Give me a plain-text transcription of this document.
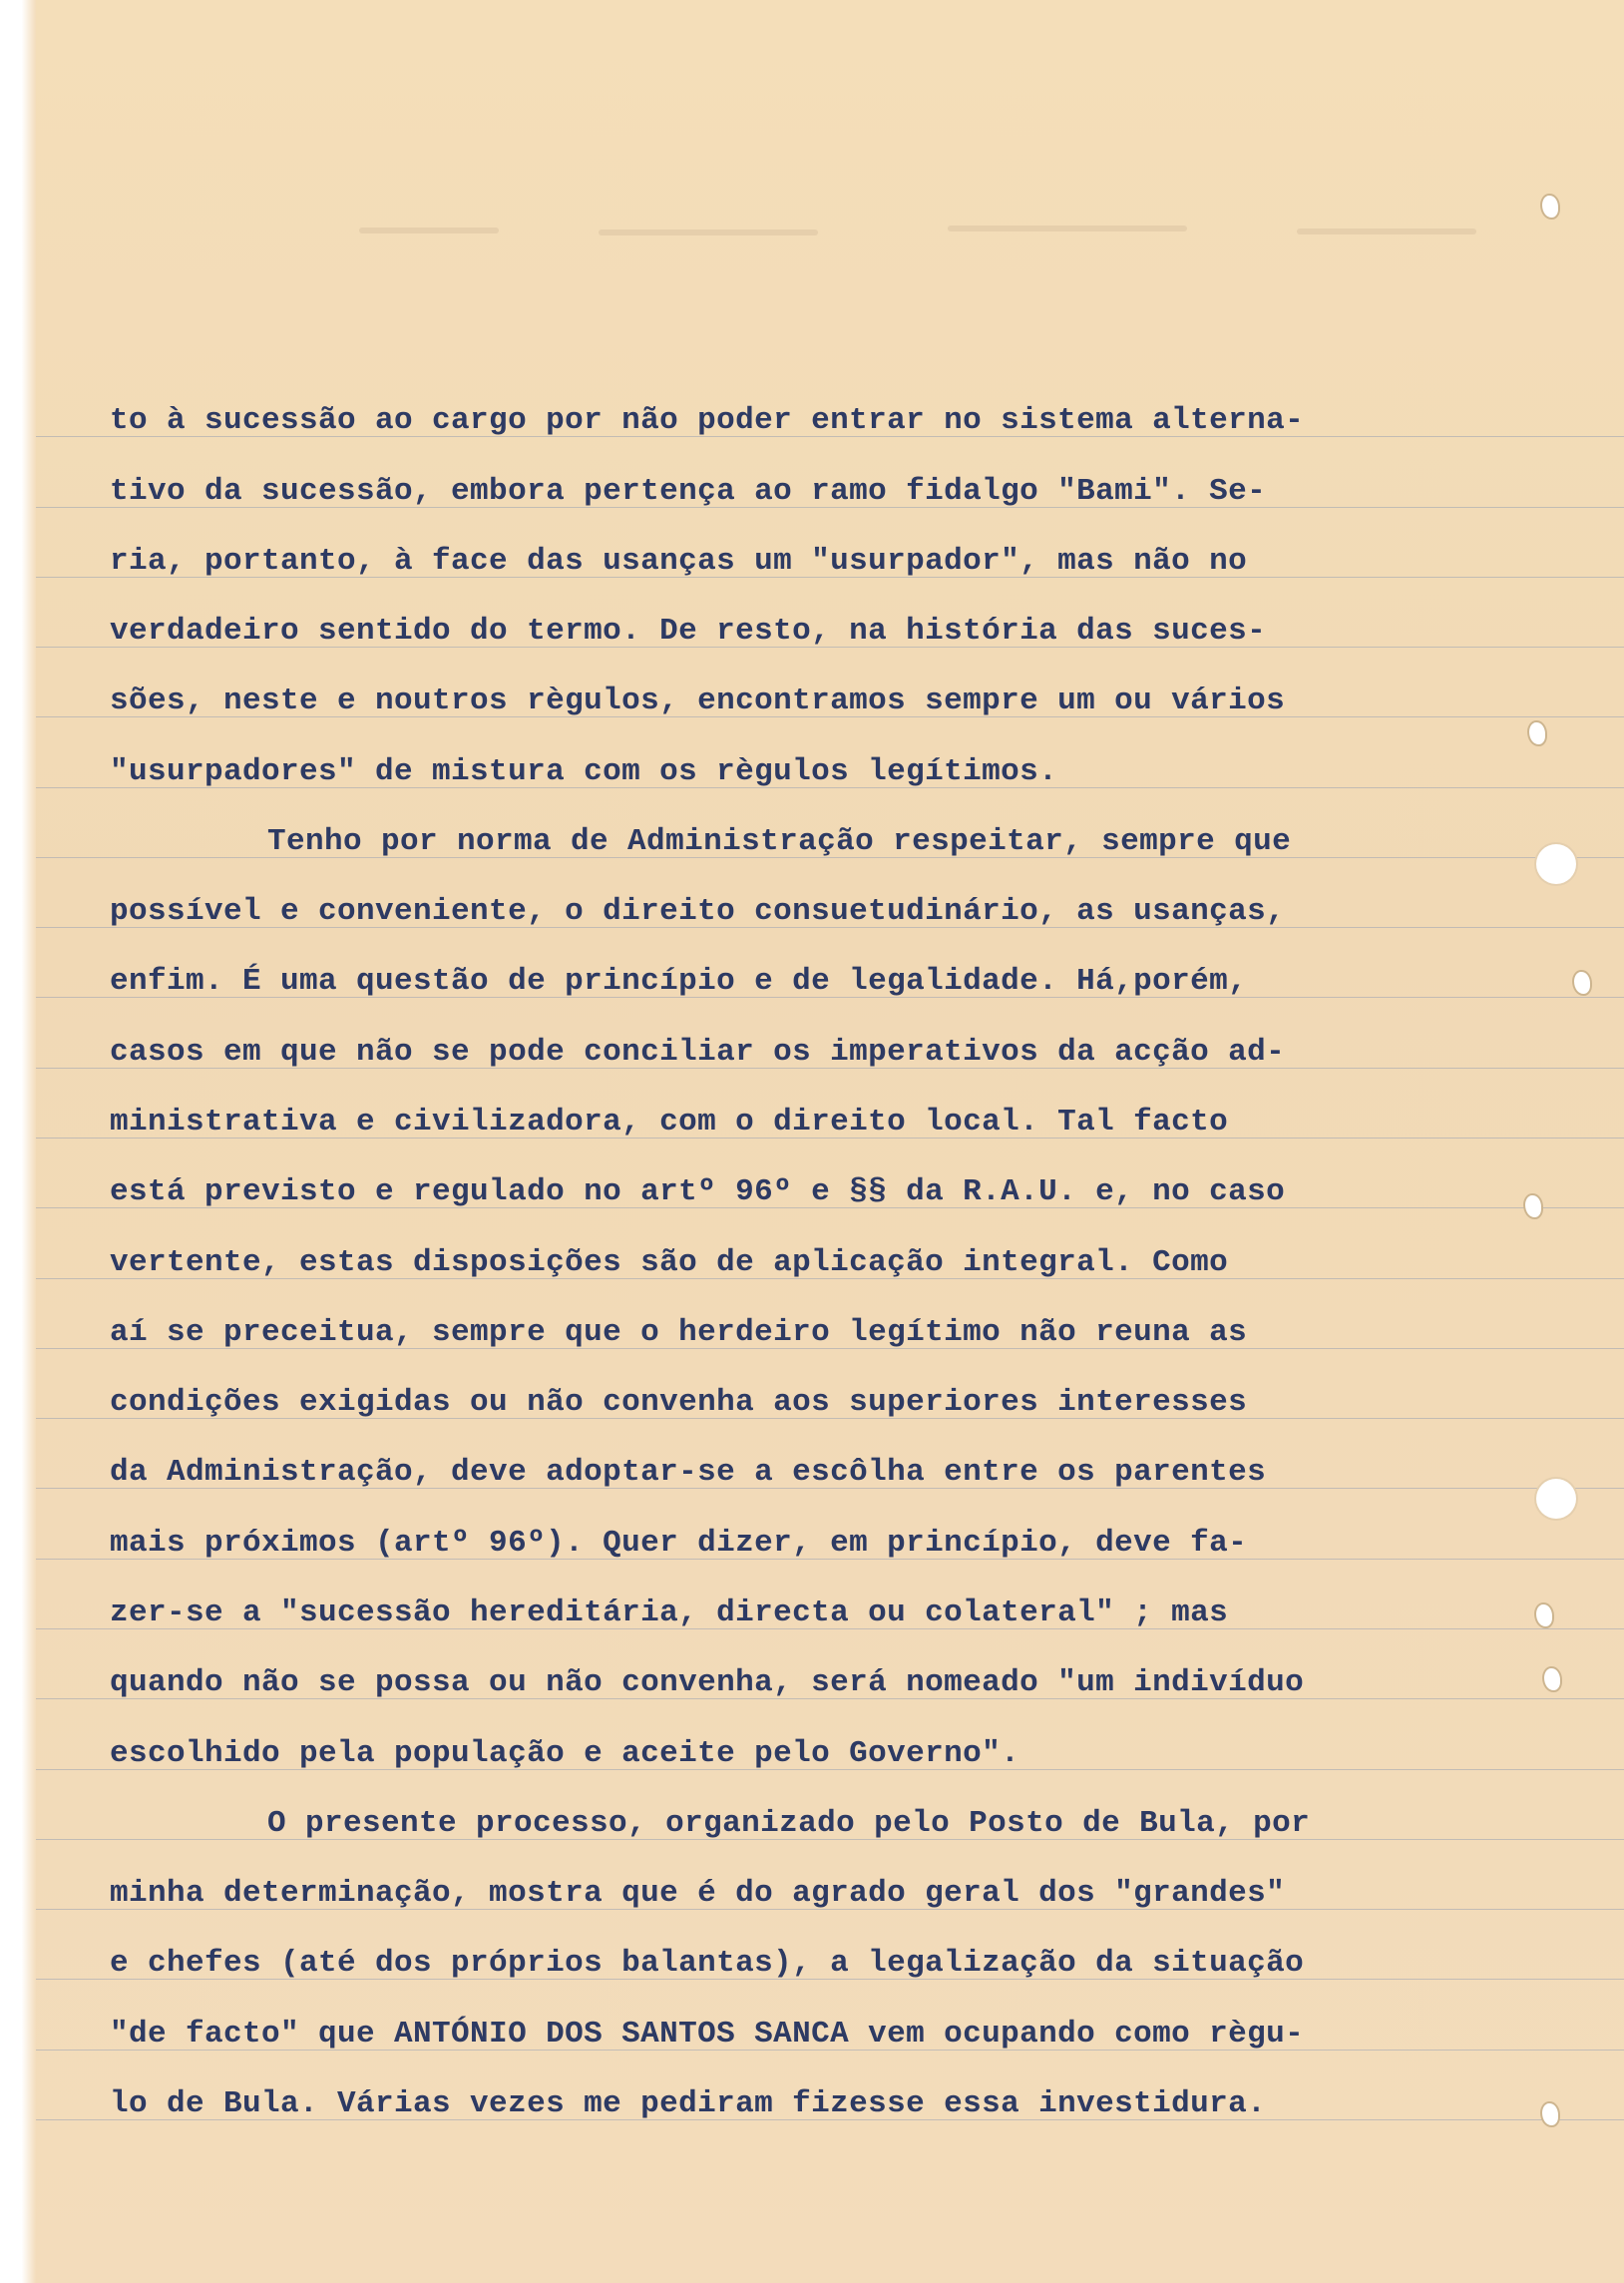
to à sucessão ao cargo por não poder entrar no sistema alterna-
tivo da sucessão, embora pertença ao ramo fidalgo "Bami". Se-
ria, portanto, à face das usanças um "usurpador", mas não no
verdadeiro sentido do termo. De resto, na história das suces-
sões, neste e noutros règulos, encontramos sempre um ou vários
"usurpadores" de mistura com os règulos legítimos.
Tenho por norma de Administração respeitar, sempre que
possível e conveniente, o direito consuetudinário, as usanças,
enfim. É uma questão de princípio e de legalidade. Há,porém,
casos em que não se pode conciliar os imperativos da acção ad-
ministrativa e civilizadora, com o direito local. Tal facto
está previsto e regulado no artº 96º e §§ da R.A.U. e, no caso
vertente, estas disposições são de aplicação integral. Como
aí se preceitua, sempre que o herdeiro legítimo não reuna as
condições exigidas ou não convenha aos superiores interesses
da Administração, deve adoptar-se a escôlha entre os parentes
mais próximos (artº 96º). Quer dizer, em princípio, deve fa-
zer-se a "sucessão hereditária, directa ou colateral" ; mas
quando não se possa ou não convenha, será nomeado "um indivíduo
escolhido pela população e aceite pelo Governo".
O presente processo, organizado pelo Posto de Bula, por
minha determinação, mostra que é do agrado geral dos "grandes"
e chefes (até dos próprios balantas), a legalização da situação
"de facto" que ANTÓNIO DOS SANTOS SANCA vem ocupando como règu-
lo de Bula. Várias vezes me pediram fizesse essa investidura.
